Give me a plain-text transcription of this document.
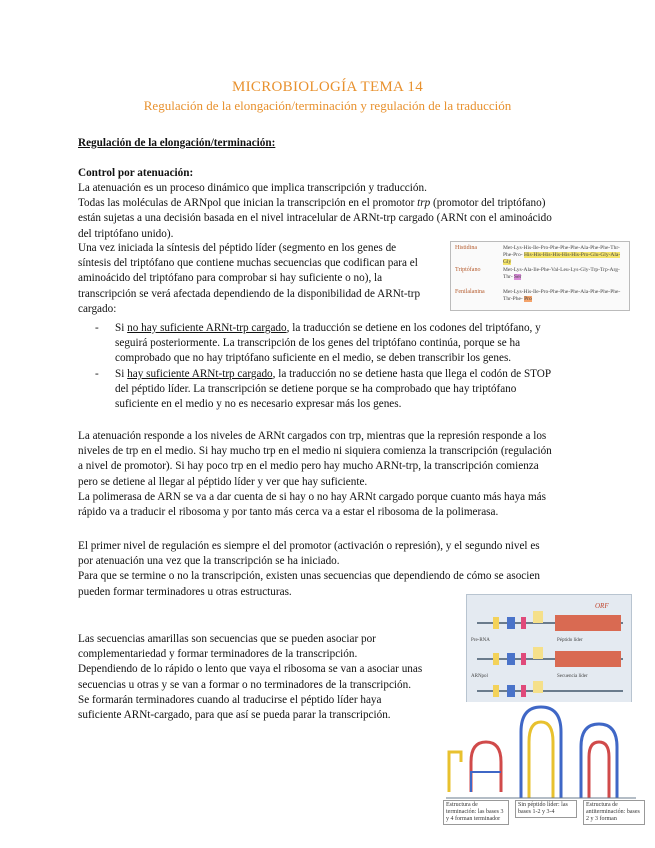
MICROBIOLOGÍA TEMA 14
Regulación de la elongación/terminación y regulación de la traducción
Regulación de la elongación/terminación:
Control por atenuación:
La atenuación es un proceso dinámico que implica transcripción y traducción.
Todas las moléculas de ARNpol que inician la transcripción en el promotor trp (promotor del triptófano)
están sujetas a una decisión basada en el nivel intracelular de ARNt-trp cargado (ARNt con el aminoácido
del triptófano unido).
Una vez iniciada la síntesis del péptido líder (segmento en los genes de
síntesis del triptófano que contiene muchas secuencias que codifican para el
aminoácido del triptófano para comprobar si hay suficiente o no), la
transcripción se verá afectada dependiendo de la disponibilidad de ARNt-trp
cargado:
Histidina	Met-Lys-His-Ile-Pro-Phe-Phe-Phe-Ala-Phe-Phe-Thr-Phe-Pro- His-His-His-His-His-His-Pro-Glu-Gly-Ala-Gly
Triptófano	Met-Lys-Ala-Ile-Phe-Val-Leu-Lys-Gly-Trp-Trp-Arg-Thr- Ser
Fenilalanina	Met-Lys-His-Ile-Pro-Phe-Phe-Phe-Ala-Phe-Phe-Phe-Thr-Phe- Pro
- Si no hay suficiente ARNt-trp cargado, la traducción se detiene en los codones del triptófano, y
seguirá posteriormente. La transcripción de los genes del triptófano continúa, porque se ha
comprobado que no hay triptófano suficiente en el medio, se deben transcribir los genes.
- Si hay suficiente ARNt-trp cargado, la traducción no se detiene hasta que llega el codón de STOP
del péptido líder. La transcripción se detiene porque se ha comprobado que hay triptófano
suficiente en el medio y no es necesario expresar más los genes.
La atenuación responde a los niveles de ARNt cargados con trp, mientras que la represión responde a los
niveles de trp en el medio. Si hay mucho trp en el medio ni siquiera comienza la transcripción (regulación
a nivel de promotor). Si hay poco trp en el medio pero hay mucho ARNt-trp, la transcripción comienza
pero se detiene al llegar al péptido líder y ver que hay suficiente.
La polimerasa de ARN se va a dar cuenta de si hay o no hay ARNt cargado porque cuanto más haya más
rápido va a traducir el ribosoma y por tanto más cerca va a estar el ribosoma de la polimerasa.
El primer nivel de regulación es siempre el del promotor (activación o represión), y el segundo nivel es
por atenuación una vez que la transcripción se ha iniciado.
Para que se termine o no la transcripción, existen unas secuencias que dependiendo de cómo se asocien
pueden formar terminadores u otras estructuras.
Las secuencias amarillas son secuencias que se pueden asociar por
complementariedad y formar terminadores de la transcripción.
Dependiendo de lo rápido o lento que vaya el ribosoma se van a asociar unas
secuencias u otras y se van a formar o no terminadores de la transcripción.
Se formarán terminadores cuando al traducirse el péptido líder haya
suficiente ARNt-cargado, para que así se pueda parar la transcripción.
ORF
Péptido líder
Secuencia líder
Pre-RNA
ARNpol
Estructura de terminación: las bases 3 y 4 forman terminador
Sin péptido líder: las bases 1-2 y 3-4
Estructura de antiterminación: bases 2 y 3 forman
